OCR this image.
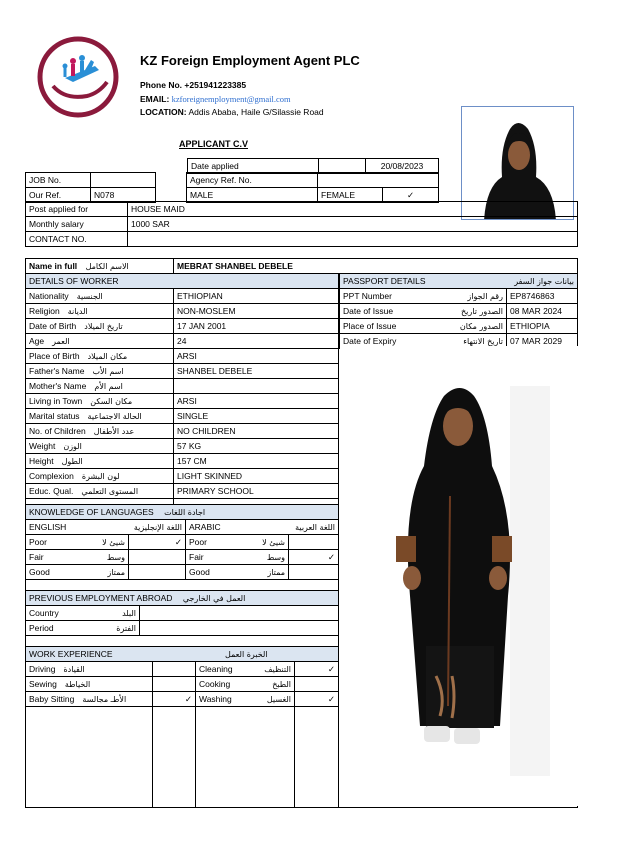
KZ Foreign Employment Agent PLC
Phone No. +251941223385
EMAIL: kzforeignemployment@gmail.com
LOCATION: Addis Ababa, Haile G/Silassie Road
APPLICANT C.V
Date applied		20/08/2023
JOB No.			Agency Ref. No.	
Our Ref.	N078		MALE		FEMALE	✓
Post applied for	HOUSE MAID
Monthly salary	1000 SAR
CONTACT NO.	
Name in full الاسم الكامل	MEBRAT SHANBEL DEBELE
DETAILS OF WORKER	
Nationality الجنسية	ETHIOPIAN
Religion الديانة	NON-MOSLEM
Date of Birth تاريخ الميلاد	17 JAN 2001
Age العمر	24
Place of Birth مكان الميلاد	ARSI
Father's Name اسم الأب	SHANBEL DEBELE
Mother's Name اسم الأم	
Living in Town مكان السكن	ARSI
Marital status الحالة الاجتماعية	SINGLE
No. of Children عدد الأطفال	NO CHILDREN
Weight الوزن	57 KG
Height الطول	157 CM
Complexion لون البشرة	LIGHT SKINNED
Educ. Qual. المستوى التعلمي	PRIMARY SCHOOL

PASSPORT DETAILS بيانات جواز السفر	

PPT Number رقم الجواز	EP8746863
Date of Issue الصدور تاريخ	08 MAR 2024
Place of Issue الصدور مكان	ETHIOPIA
Date of Expiry تاريخ الانتهاء	07 MAR 2029
KNOWLEDGE OF LANGUAGES اجادة اللغات			
ENGLISH اللغة الإنجليزية		ARABIC اللغة العربية	

Poor شيئ لا	✓	Poor شيئ لا	

Fair وسط		Fair وسط	✓
Good ممتاز		Good ممتاز	

PREVIOUS EMPLOYMENT ABROAD العمل في الخارجي	
Country البلد	

Period الفترة	

WORK EXPERIENCE الخبرة العمل			
Driving القيادة		Cleaning التنظيف	✓
Sewing الخياطة		Cooking الطبخ	

Baby Sitting الأطـ مجالسة	✓	Washing الغسيل	✓
